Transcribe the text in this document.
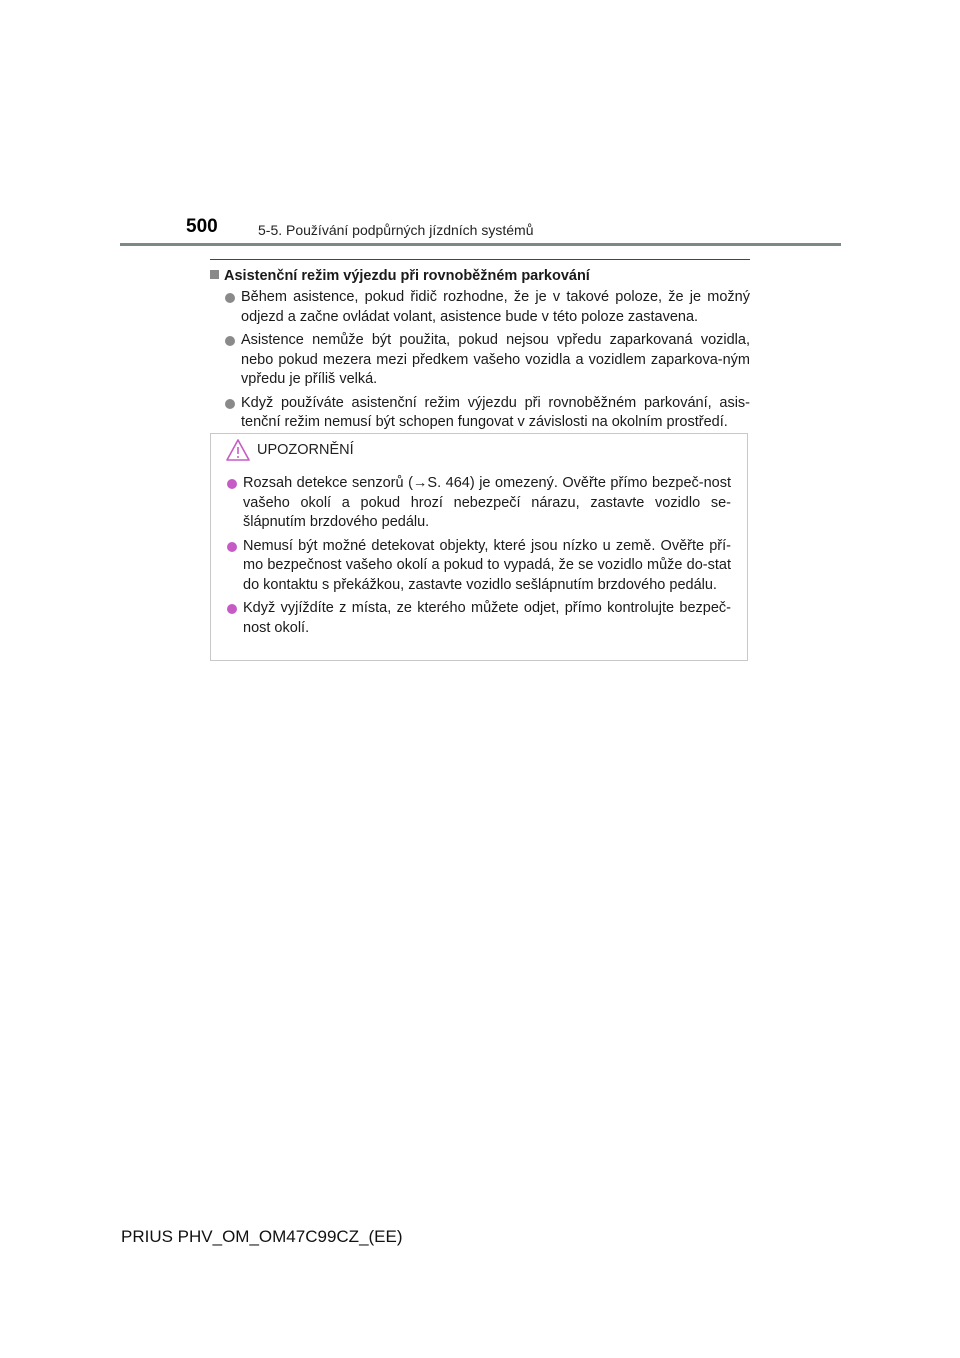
500	5-5. Používání podpůrných jízdních systémů
Asistenční režim výjezdu při rovnoběžném parkování
Během asistence, pokud řidič rozhodne, že je v takové poloze, že je možný odjezd a začne ovládat volant, asistence bude v této poloze zastavena.
Asistence nemůže být použita, pokud nejsou vpředu zaparkovaná vozidla, nebo pokud mezera mezi předkem vašeho vozidla a vozidlem zaparkova-ným vpředu je příliš velká.
Když používáte asistenční režim výjezdu při rovnoběžném parkování, asis-tenční režim nemusí být schopen fungovat v závislosti na okolním prostředí.
UPOZORNĚNÍ
Rozsah detekce senzorů (→S. 464) je omezený. Ověřte přímo bezpeč-nost vašeho okolí a pokud hrozí nebezpečí nárazu, zastavte vozidlo se-šlápnutím brzdového pedálu.
Nemusí být možné detekovat objekty, které jsou nízko u země. Ověřte pří-mo bezpečnost vašeho okolí a pokud to vypadá, že se vozidlo může do-stat do kontaktu s překážkou, zastavte vozidlo sešlápnutím brzdového pedálu.
Když vyjíždíte z místa, ze kterého můžete odjet, přímo kontrolujte bezpeč-nost okolí.
PRIUS PHV_OM_OM47C99CZ_(EE)
